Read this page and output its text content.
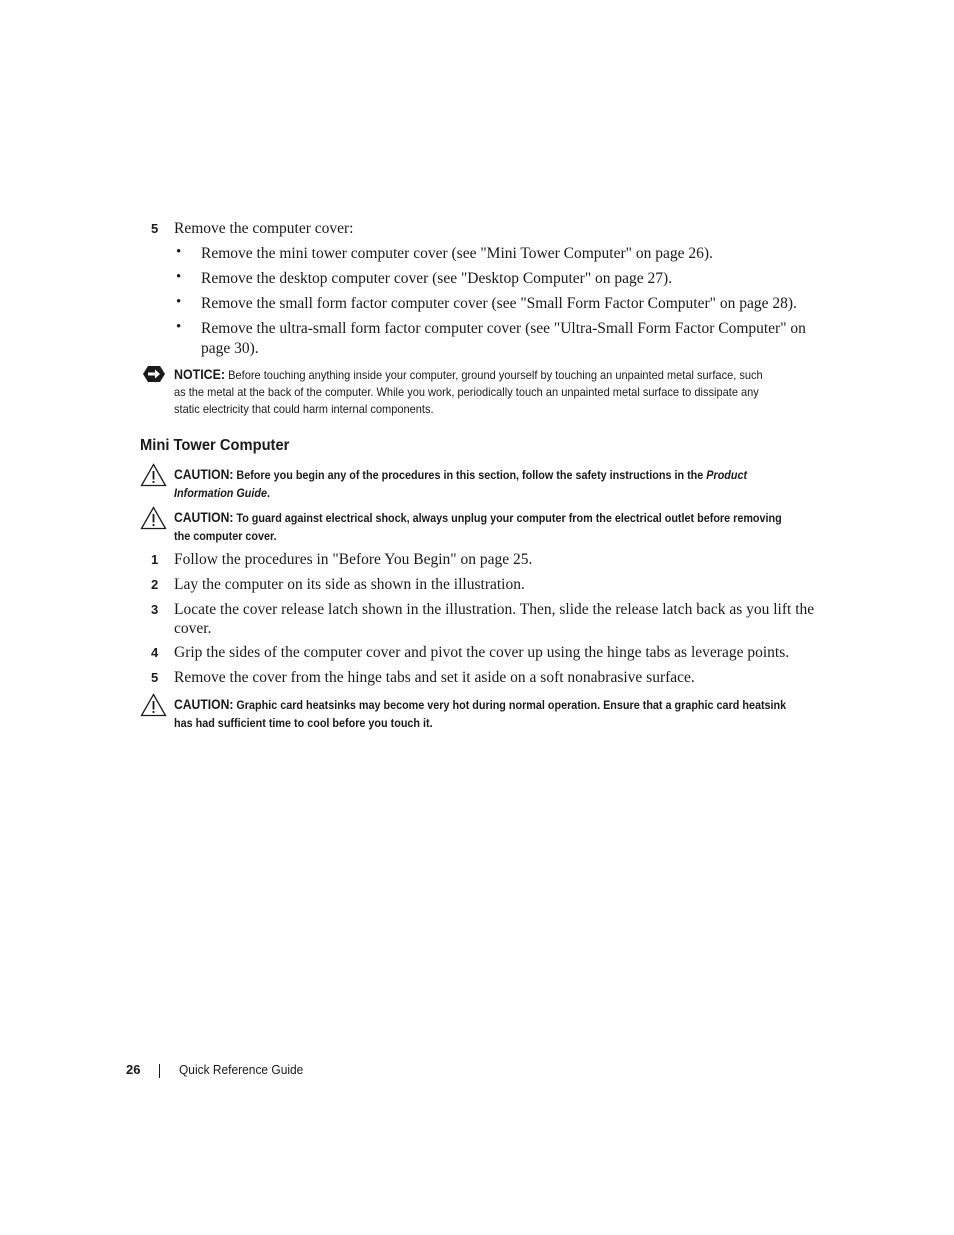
5 Remove the computer cover:
• Remove the mini tower computer cover (see "Mini Tower Computer" on page 26).
• Remove the desktop computer cover (see "Desktop Computer" on page 27).
• Remove the small form factor computer cover (see "Small Form Factor Computer" on page 28).
• Remove the ultra-small form factor computer cover (see "Ultra-Small Form Factor Computer" on page 30).
NOTICE: Before touching anything inside your computer, ground yourself by touching an unpainted metal surface, such as the metal at the back of the computer. While you work, periodically touch an unpainted metal surface to dissipate any static electricity that could harm internal components.
Mini Tower Computer
CAUTION: Before you begin any of the procedures in this section, follow the safety instructions in the Product Information Guide.
CAUTION: To guard against electrical shock, always unplug your computer from the electrical outlet before removing the computer cover.
1 Follow the procedures in "Before You Begin" on page 25.
2 Lay the computer on its side as shown in the illustration.
3 Locate the cover release latch shown in the illustration. Then, slide the release latch back as you lift the cover.
4 Grip the sides of the computer cover and pivot the cover up using the hinge tabs as leverage points.
5 Remove the cover from the hinge tabs and set it aside on a soft nonabrasive surface.
CAUTION: Graphic card heatsinks may become very hot during normal operation. Ensure that a graphic card heatsink has had sufficient time to cool before you touch it.
26	Quick Reference Guide
